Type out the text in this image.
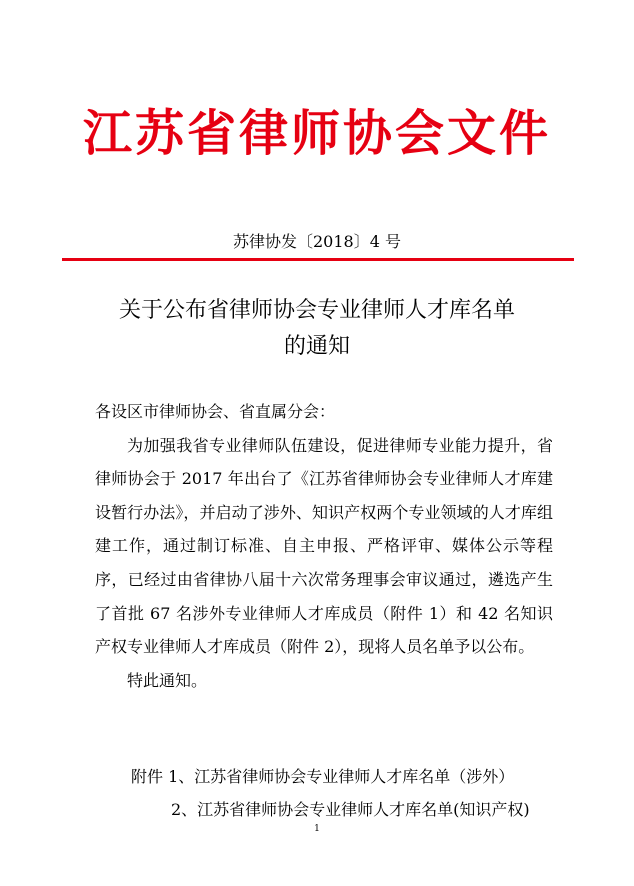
江苏省律师协会文件
苏律协发〔2018〕4 号
关于公布省律师协会专业律师人才库名单
的通知
各设区市律师协会、省直属分会：
为加强我省专业律师队伍建设，促进律师专业能力提升，省律师协会于 2017 年出台了《江苏省律师协会专业律师人才库建设暂行办法》，并启动了涉外、知识产权两个专业领域的人才库组建工作，通过制订标准、自主申报、严格评审、媒体公示等程序，已经过由省律协八届十六次常务理事会审议通过，遴选产生了首批 67 名涉外专业律师人才库成员（附件 1）和 42 名知识产权专业律师人才库成员（附件 2），现将人员名单予以公布。
特此通知。
附件 1、江苏省律师协会专业律师人才库名单（涉外）
2、江苏省律师协会专业律师人才库名单(知识产权)
1
